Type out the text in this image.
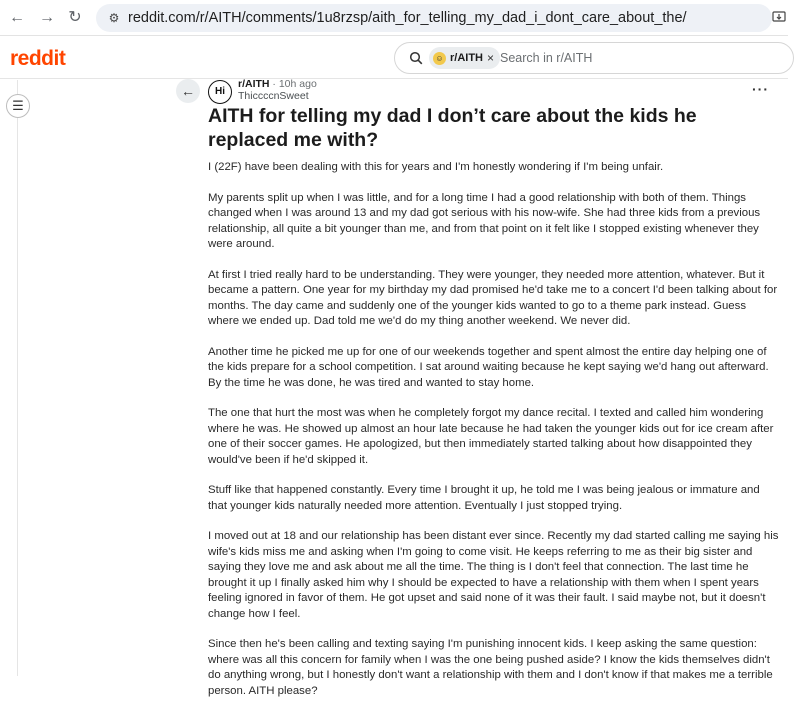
← → ↻	⚙ reddit.com/r/AITH/comments/1u8rzsp/aith_for_telling_my_dad_i_dont_care_about_the/
reddit	☺ r/AITH × Search in r/AITH
☰
←	Hi
r/AITH · 10h ago
ThiccccnSweet	···
AITH for telling my dad I don’t care about the kids he replaced me with?

I (22F) have been dealing with this for years and I'm honestly wondering if I'm being unfair.

My parents split up when I was little, and for a long time I had a good relationship with both of them. Things changed when I was around 13 and my dad got serious with his now-wife. She had three kids from a previous relationship, all quite a bit younger than me, and from that point on it felt like I stopped existing whenever they were around.

At first I tried really hard to be understanding. They were younger, they needed more attention, whatever. But it became a pattern. One year for my birthday my dad promised he'd take me to a concert I'd been talking about for months. The day came and suddenly one of the younger kids wanted to go to a theme park instead. Guess where we ended up. Dad told me we'd do my thing another weekend. We never did.

Another time he picked me up for one of our weekends together and spent almost the entire day helping one of the kids prepare for a school competition. I sat around waiting because he kept saying we'd hang out afterward. By the time he was done, he was tired and wanted to stay home.

The one that hurt the most was when he completely forgot my dance recital. I texted and called him wondering where he was. He showed up almost an hour late because he had taken the younger kids out for ice cream after one of their soccer games. He apologized, but then immediately started talking about how disappointed they would've been if he'd skipped it.

Stuff like that happened constantly. Every time I brought it up, he told me I was being jealous or immature and that younger kids naturally needed more attention. Eventually I just stopped trying.

I moved out at 18 and our relationship has been distant ever since. Recently my dad started calling me saying his wife's kids miss me and asking when I'm going to come visit. He keeps referring to me as their big sister and saying they love me and ask about me all the time. The thing is I don't feel that connection. The last time he brought it up I finally asked him why I should be expected to have a relationship with them when I spent years feeling ignored in favor of them. He got upset and said none of it was their fault. I said maybe not, but it doesn't change how I feel.

Since then he's been calling and texting saying I'm punishing innocent kids. I keep asking the same question: where was all this concern for family when I was the one being pushed aside? I know the kids themselves didn't do anything wrong, but I honestly don't want a relationship with them and I don't know if that makes me a terrible person. AITH please?
